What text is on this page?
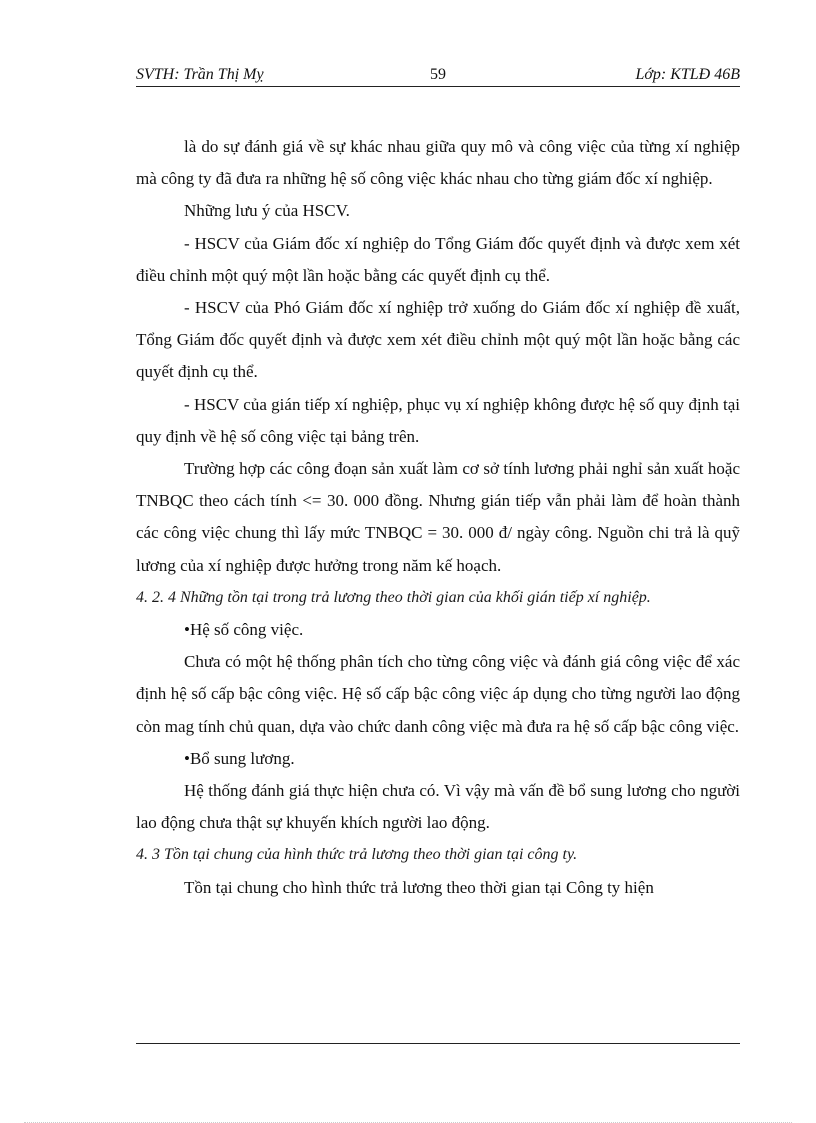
SVTH: Trần Thị Mỵ	59	Lớp: KTLĐ 46B

là do sự đánh giá về sự khác nhau giữa quy mô và công việc của từng xí nghiệp mà công ty đã đưa ra những hệ số công việc khác nhau cho từng giám đốc xí nghiệp.

Những lưu ý của HSCV.

- HSCV của Giám đốc xí nghiệp do Tổng Giám đốc quyết định và được xem xét điều chỉnh một quý một lần hoặc bằng các quyết định cụ thể.

- HSCV của Phó Giám đốc xí nghiệp trở xuống do Giám đốc xí nghiệp đề xuất, Tổng Giám đốc quyết định và được xem xét điều chỉnh một quý một lần hoặc bằng các quyết định cụ thể.

- HSCV của gián tiếp xí nghiệp, phục vụ xí nghiệp không được hệ số quy định tại quy định về hệ số công việc tại bảng trên.

Trường hợp các công đoạn sản xuất làm cơ sở tính lương phải nghỉ sản xuất hoặc TNBQC theo cách tính <= 30. 000 đồng. Nhưng gián tiếp vẫn phải làm để hoàn thành các công việc chung thì lấy mức TNBQC = 30. 000 đ/ ngày công. Nguồn chi trả là quỹ lương của xí nghiệp được hưởng trong năm kế hoạch.

4. 2. 4 Những tồn tại trong trả lương theo thời gian của khối gián tiếp xí nghiệp.

•Hệ số công việc.

Chưa có một hệ thống phân tích cho từng công việc và đánh giá công việc để xác định hệ số cấp bậc công việc. Hệ số cấp bậc công việc áp dụng cho từng người lao động còn mag tính chủ quan, dựa vào chức danh công việc mà đưa ra hệ số cấp bậc công việc.

•Bổ sung lương.

Hệ thống đánh giá thực hiện chưa có. Vì vậy mà vấn đề bổ sung lương cho người lao động chưa thật sự khuyến khích người lao động.

4. 3 Tồn tại chung của hình thức trả lương theo thời gian tại công ty.

Tồn tại chung cho hình thức trả lương theo thời gian tại Công ty hiện
